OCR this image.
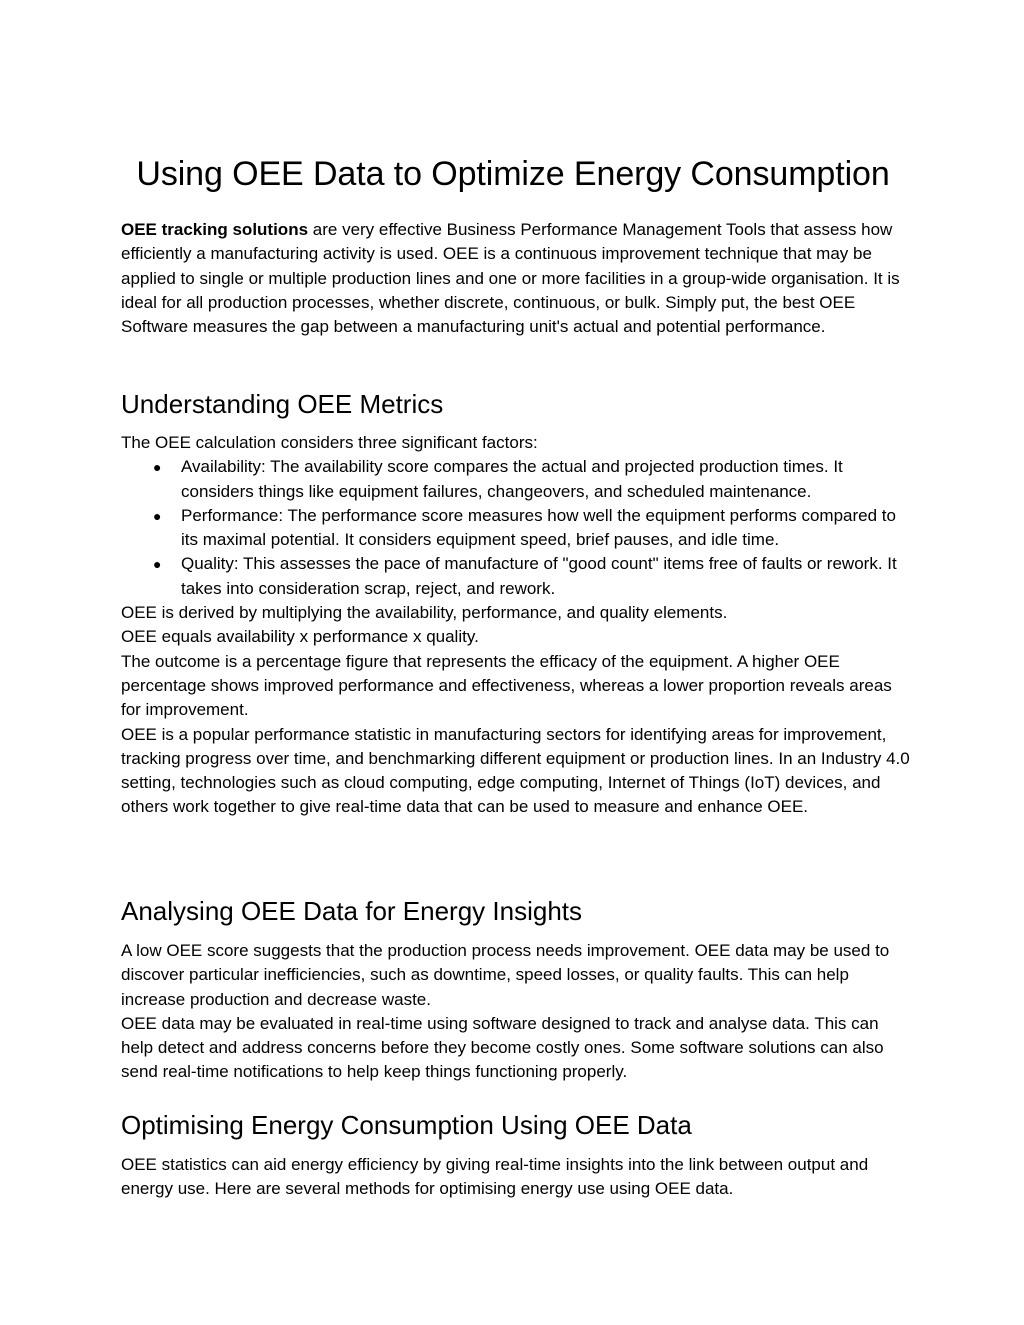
Using OEE Data to Optimize Energy Consumption

OEE tracking solutions are very effective Business Performance Management Tools that assess how efficiently a manufacturing activity is used. OEE is a continuous improvement technique that may be applied to single or multiple production lines and one or more facilities in a group-wide organisation. It is ideal for all production processes, whether discrete, continuous, or bulk. Simply put, the best OEE Software measures the gap between a manufacturing unit's actual and potential performance.

Understanding OEE Metrics

The OEE calculation considers three significant factors:

● Availability: The availability score compares the actual and projected production times. It considers things like equipment failures, changeovers, and scheduled maintenance.
● Performance: The performance score measures how well the equipment performs compared to its maximal potential. It considers equipment speed, brief pauses, and idle time.
● Quality: This assesses the pace of manufacture of "good count" items free of faults or rework. It takes into consideration scrap, reject, and rework.

OEE is derived by multiplying the availability, performance, and quality elements.

OEE equals availability x performance x quality.

The outcome is a percentage figure that represents the efficacy of the equipment. A higher OEE percentage shows improved performance and effectiveness, whereas a lower proportion reveals areas for improvement.

OEE is a popular performance statistic in manufacturing sectors for identifying areas for improvement, tracking progress over time, and benchmarking different equipment or production lines. In an Industry 4.0 setting, technologies such as cloud computing, edge computing, Internet of Things (IoT) devices, and others work together to give real-time data that can be used to measure and enhance OEE.

Analysing OEE Data for Energy Insights

A low OEE score suggests that the production process needs improvement. OEE data may be used to discover particular inefficiencies, such as downtime, speed losses, or quality faults. This can help increase production and decrease waste.

OEE data may be evaluated in real-time using software designed to track and analyse data. This can help detect and address concerns before they become costly ones. Some software solutions can also send real-time notifications to help keep things functioning properly.

Optimising Energy Consumption Using OEE Data

OEE statistics can aid energy efficiency by giving real-time insights into the link between output and energy use. Here are several methods for optimising energy use using OEE data.
